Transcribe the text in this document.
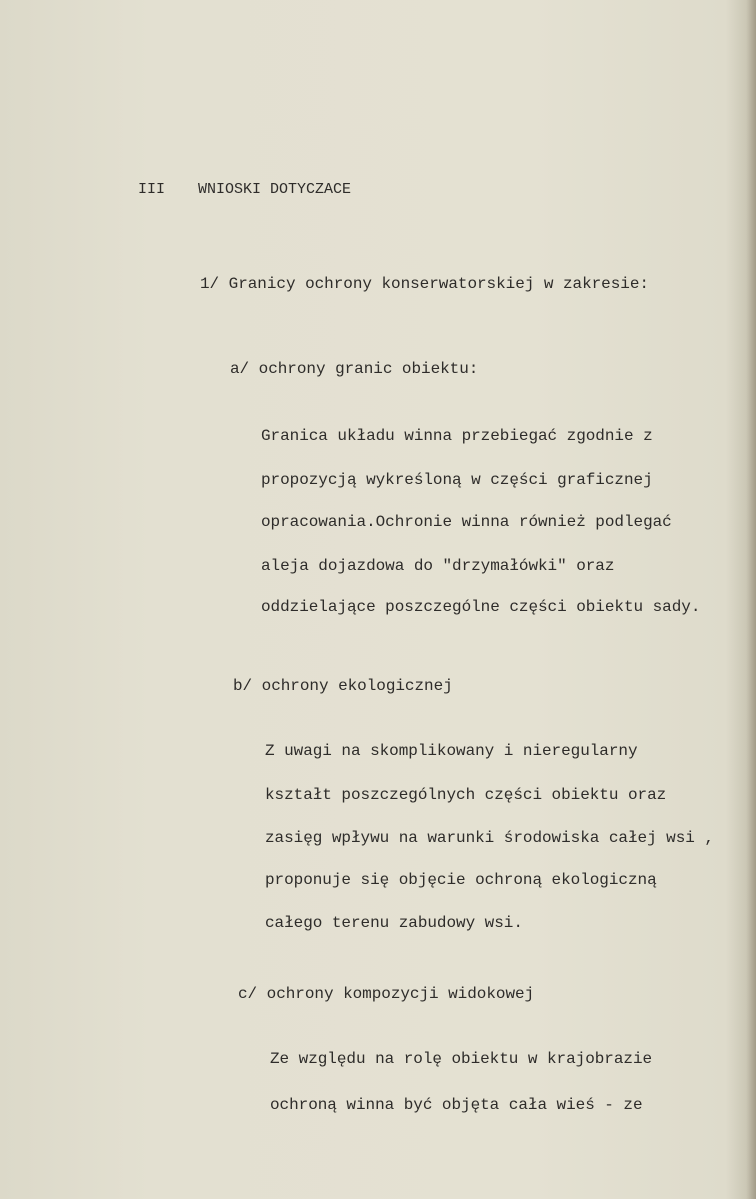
III WNIOSKI DOTYCZACE
1/ Granicy ochrony konserwatorskiej w zakresie:
a/ ochrony granic obiektu:
Granica układu winna przebiegać zgodnie z
propozycją wykreśloną w części graficznej
opracowania.Ochronie winna również podlegać
aleja dojazdowa do "drzymałówki" oraz
oddzielające poszczególne części obiektu sady.
b/ ochrony ekologicznej
Z uwagi na skomplikowany i nieregularny
kształt poszczególnych części obiektu oraz
zasięg wpływu na warunki środowiska całej wsi ,
proponuje się objęcie ochroną ekologiczną
całego terenu zabudowy wsi.
c/ ochrony kompozycji widokowej
Ze względu na rolę obiektu w krajobrazie
ochroną winna być objęta cała wieś - ze
